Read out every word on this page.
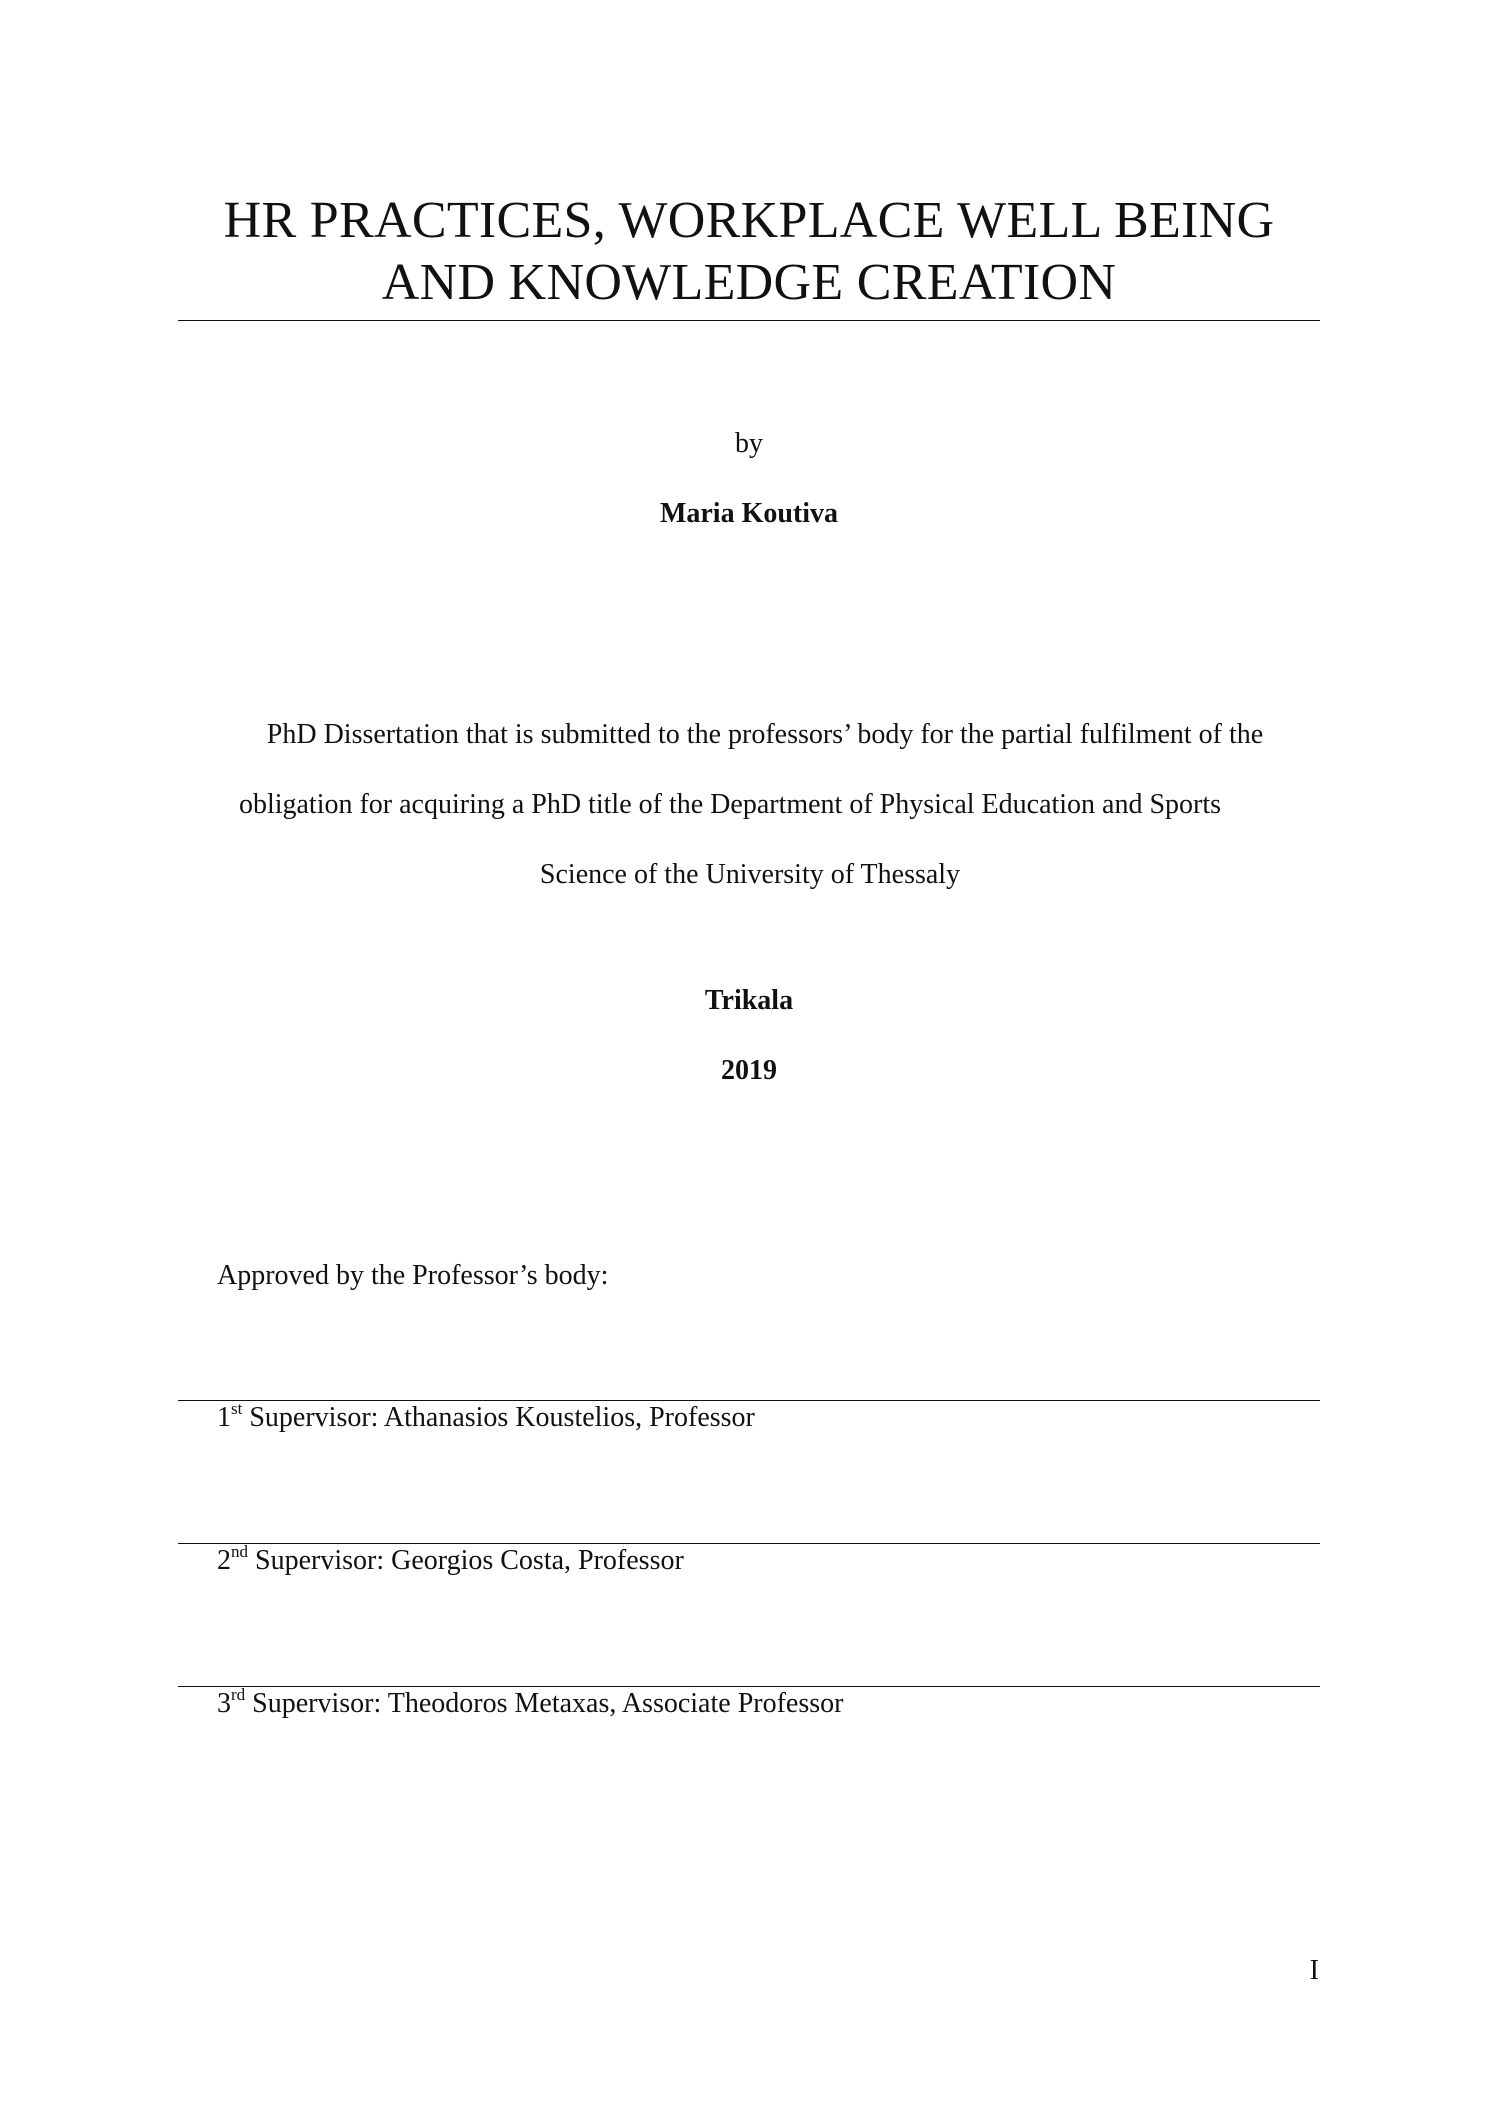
HR PRACTICES, WORKPLACE WELL BEING
AND KNOWLEDGE CREATION
by
Maria Koutiva
PhD Dissertation that is submitted to the professors’ body for the partial fulfilment of the
obligation for acquiring a PhD title of the Department of Physical Education and Sports
Science of the University of Thessaly
Trikala
2019
Approved by the Professor’s body:
1st Supervisor: Athanasios Koustelios, Professor
2nd Supervisor: Georgios Costa, Professor
3rd Supervisor: Theodoros Metaxas, Associate Professor
I
